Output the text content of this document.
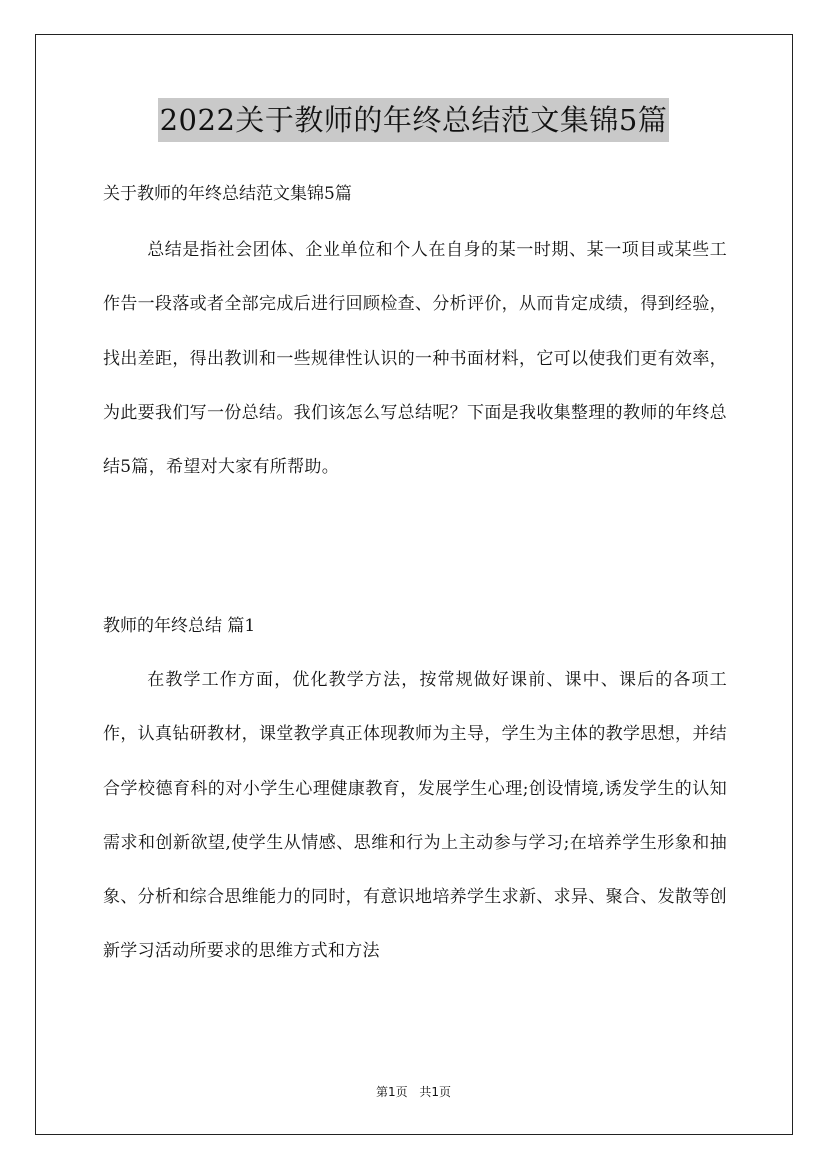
2022关于教师的年终总结范文集锦5篇

关于教师的年终总结范文集锦5篇

总结是指社会团体、企业单位和个人在自身的某一时期、某一项目或某些工作告一段落或者全部完成后进行回顾检查、分析评价，从而肯定成绩，得到经验，找出差距，得出教训和一些规律性认识的一种书面材料，它可以使我们更有效率，为此要我们写一份总结。我们该怎么写总结呢？下面是我收集整理的教师的年终总结5篇，希望对大家有所帮助。

教师的年终总结 篇1

在教学工作方面，优化教学方法，按常规做好课前、课中、课后的各项工作，认真钻研教材，课堂教学真正体现教师为主导，学生为主体的教学思想，并结合学校德育科的对小学生心理健康教育，发展学生心理;创设情境,诱发学生的认知需求和创新欲望,使学生从情感、思维和行为上主动参与学习;在培养学生形象和抽象、分析和综合思维能力的同时，有意识地培养学生求新、求异、聚合、发散等创新学习活动所要求的思维方式和方法

第1页 共1页
